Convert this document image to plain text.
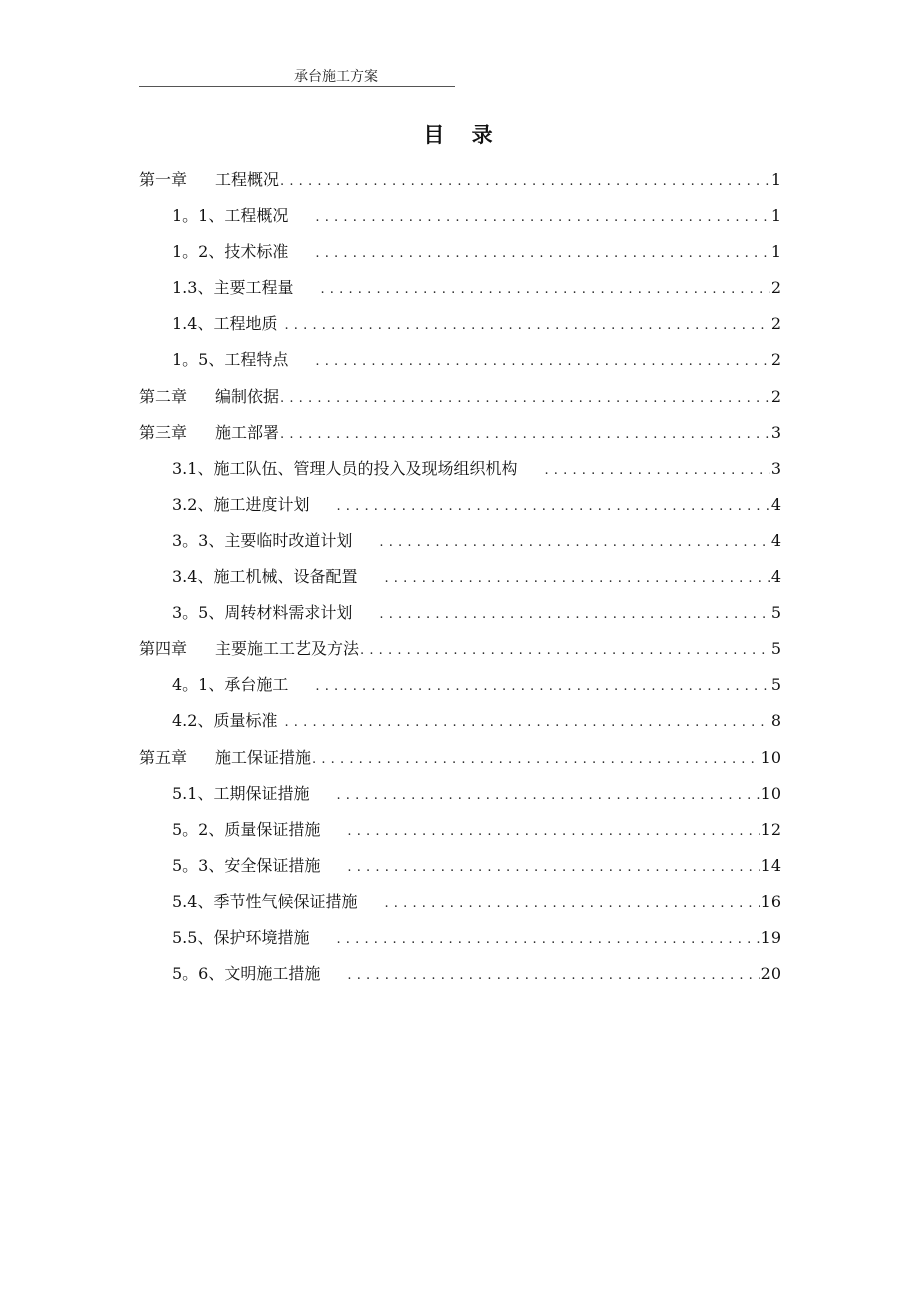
承台施工方案
目 录
第一章 工程概况 .....	1
1。1、工程概况 .....	1
1。2、技术标准 .....	1
1.3、主要工程量 .....	2
1.4、工程地质 .....	2
1。5、工程特点 .....	2
第二章 编制依据 .....	2
第三章 施工部署 .....	3
3.1、施工队伍、管理人员的投入及现场组织机构 .....	3
3.2、施工进度计划 .....	4
3。3、主要临时改道计划 .....	4
3.4、施工机械、设备配置 .....	4
3。5、周转材料需求计划 .....	5
第四章 主要施工工艺及方法 .....	5
4。1、承台施工 .....	5
4.2、质量标准 .....	8
第五章 施工保证措施 .....	10
5.1、工期保证措施 .....	10
5。2、质量保证措施 .....	12
5。3、安全保证措施 .....	14
5.4、季节性气候保证措施 .....	16
5.5、保护环境措施 .....	19
5。6、文明施工措施 .....	20
